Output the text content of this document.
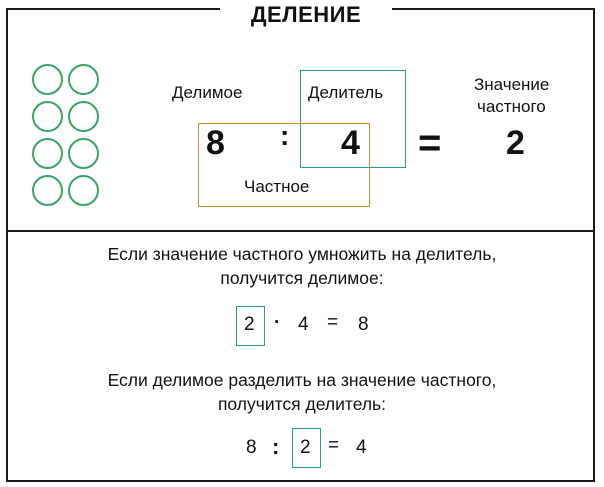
ДЕЛЕНИЕ
Делимое	Делитель
Частное
8 : 4 = 2
Значение
частного
Если значение частного умножить на делитель,
получится делимое:
2 · 4 = 8
Если делимое разделить на значение частного,
получится делитель:
8 : 2 = 4
